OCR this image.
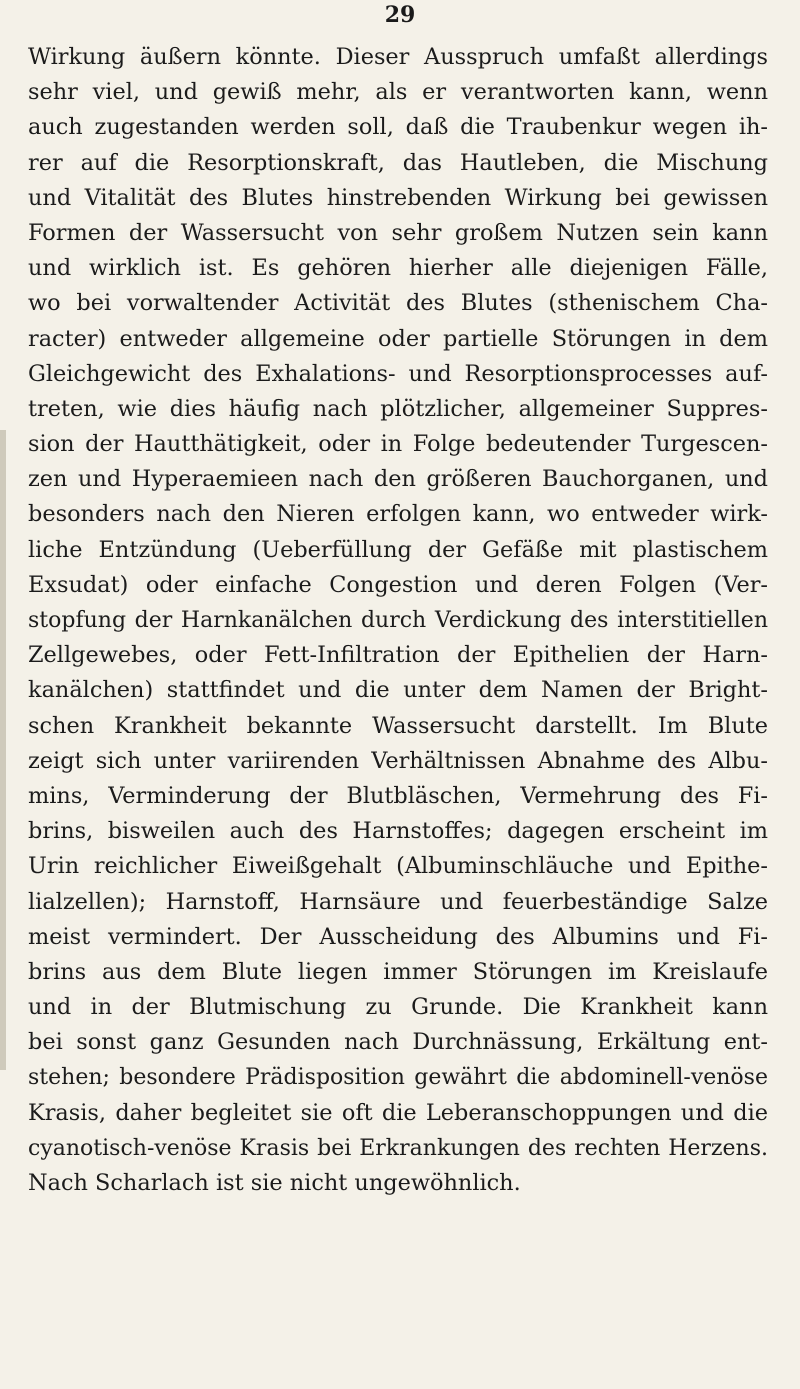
29
Wirkung äußern könnte. Dieser Ausspruch umfaßt allerdings
sehr viel, und gewiß mehr, als er verantworten kann, wenn
auch zugestanden werden soll, daß die Traubenkur wegen ih-
rer auf die Resorptionskraft, das Hautleben, die Mischung
und Vitalität des Blutes hinstrebenden Wirkung bei gewissen
Formen der Wassersucht von sehr großem Nutzen sein kann
und wirklich ist. Es gehören hierher alle diejenigen Fälle,
wo bei vorwaltender Activität des Blutes (sthenischem Cha-
racter) entweder allgemeine oder partielle Störungen in dem
Gleichgewicht des Exhalations- und Resorptionsprocesses auf-
treten, wie dies häufig nach plötzlicher, allgemeiner Suppres-
sion der Hautthätigkeit, oder in Folge bedeutender Turgescen-
zen und Hyperaemieen nach den größeren Bauchorganen, und
besonders nach den Nieren erfolgen kann, wo entweder wirk-
liche Entzündung (Ueberfüllung der Gefäße mit plastischem
Exsudat) oder einfache Congestion und deren Folgen (Ver-
stopfung der Harnkanälchen durch Verdickung des interstitiellen
Zellgewebes, oder Fett-Infiltration der Epithelien der Harn-
kanälchen) stattfindet und die unter dem Namen der Bright-
schen Krankheit bekannte Wassersucht darstellt. Im Blute
zeigt sich unter variirenden Verhältnissen Abnahme des Albu-
mins, Verminderung der Blutbläschen, Vermehrung des Fi-
brins, bisweilen auch des Harnstoffes; dagegen erscheint im
Urin reichlicher Eiweißgehalt (Albuminschläuche und Epithe-
lialzellen); Harnstoff, Harnsäure und feuerbeständige Salze
meist vermindert. Der Ausscheidung des Albumins und Fi-
brins aus dem Blute liegen immer Störungen im Kreislaufe
und in der Blutmischung zu Grunde. Die Krankheit kann
bei sonst ganz Gesunden nach Durchnässung, Erkältung ent-
stehen; besondere Prädisposition gewährt die abdominell-venöse
Krasis, daher begleitet sie oft die Leberanschoppungen und die
cyanotisch-venöse Krasis bei Erkrankungen des rechten Herzens.
Nach Scharlach ist sie nicht ungewöhnlich.
